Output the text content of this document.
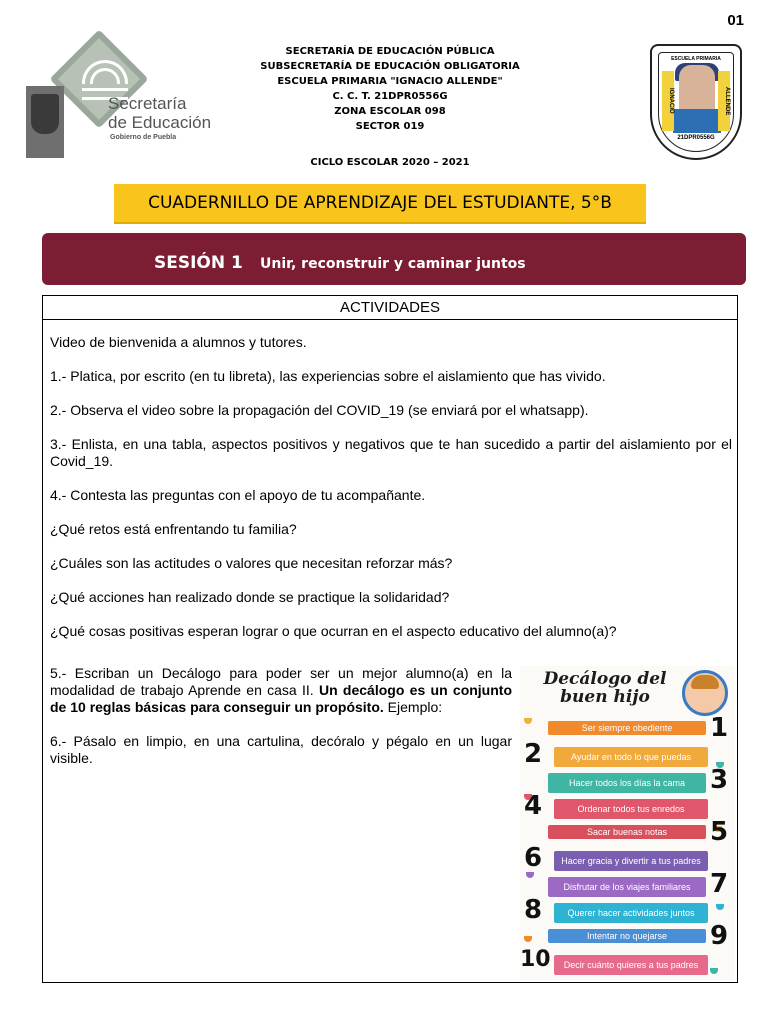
01
Secretaría
de Educación
Gobierno de Puebla
SECRETARÍA DE EDUCACIÓN PÚBLICA
SUBSECRETARÍA DE EDUCACIÓN OBLIGATORIA
ESCUELA PRIMARIA "IGNACIO ALLENDE"
C. C. T. 21DPR0556G
ZONA ESCOLAR 098
SECTOR 019
CICLO ESCOLAR 2020 – 2021
ESCUELA PRIMARIA
IGNACIO	ALLENDE
21DPR0556G
CUADERNILLO DE APRENDIZAJE DEL ESTUDIANTE, 5°B
SESIÓN 1 Unir, reconstruir y caminar juntos
ACTIVIDADES

Video de bienvenida a alumnos y tutores.

1.- Platica, por escrito (en tu libreta), las experiencias sobre el aislamiento que has vivido.

2.- Observa el video sobre la propagación del COVID_19 (se enviará por el whatsapp).

3.- Enlista, en una tabla, aspectos positivos y negativos que te han sucedido a partir del aislamiento por el Covid_19.

4.- Contesta las preguntas con el apoyo de tu acompañante.

¿Qué retos está enfrentando tu familia?

¿Cuáles son las actitudes o valores que necesitan reforzar más?

¿Qué acciones han realizado donde se practique la solidaridad?

¿Qué cosas positivas esperan lograr o que ocurran en el aspecto educativo del alumno(a)?

5.- Escriban un Decálogo para poder ser un mejor alumno(a) en la modalidad de trabajo Aprende en casa II. Un decálogo es un conjunto de 10 reglas básicas para conseguir un propósito. Ejemplo:

6.- Pásalo en limpio, en una cartulina, decóralo y pégalo en un lugar visible.

Decálogo del
buen hijo
Ser siempre obediente	1
Ayudar en todo lo que puedas
2
Hacer todos los días la cama 3
Ordenar todos tus enredos
4
Sacar buenas notas	5
Hacer gracia y divertir a tus padres
6
Disfrutar de los viajes familiares 7
Querer hacer actividades juntos
8
Intentar no quejarse	9
Decir cuánto quieres a tus padres
10
